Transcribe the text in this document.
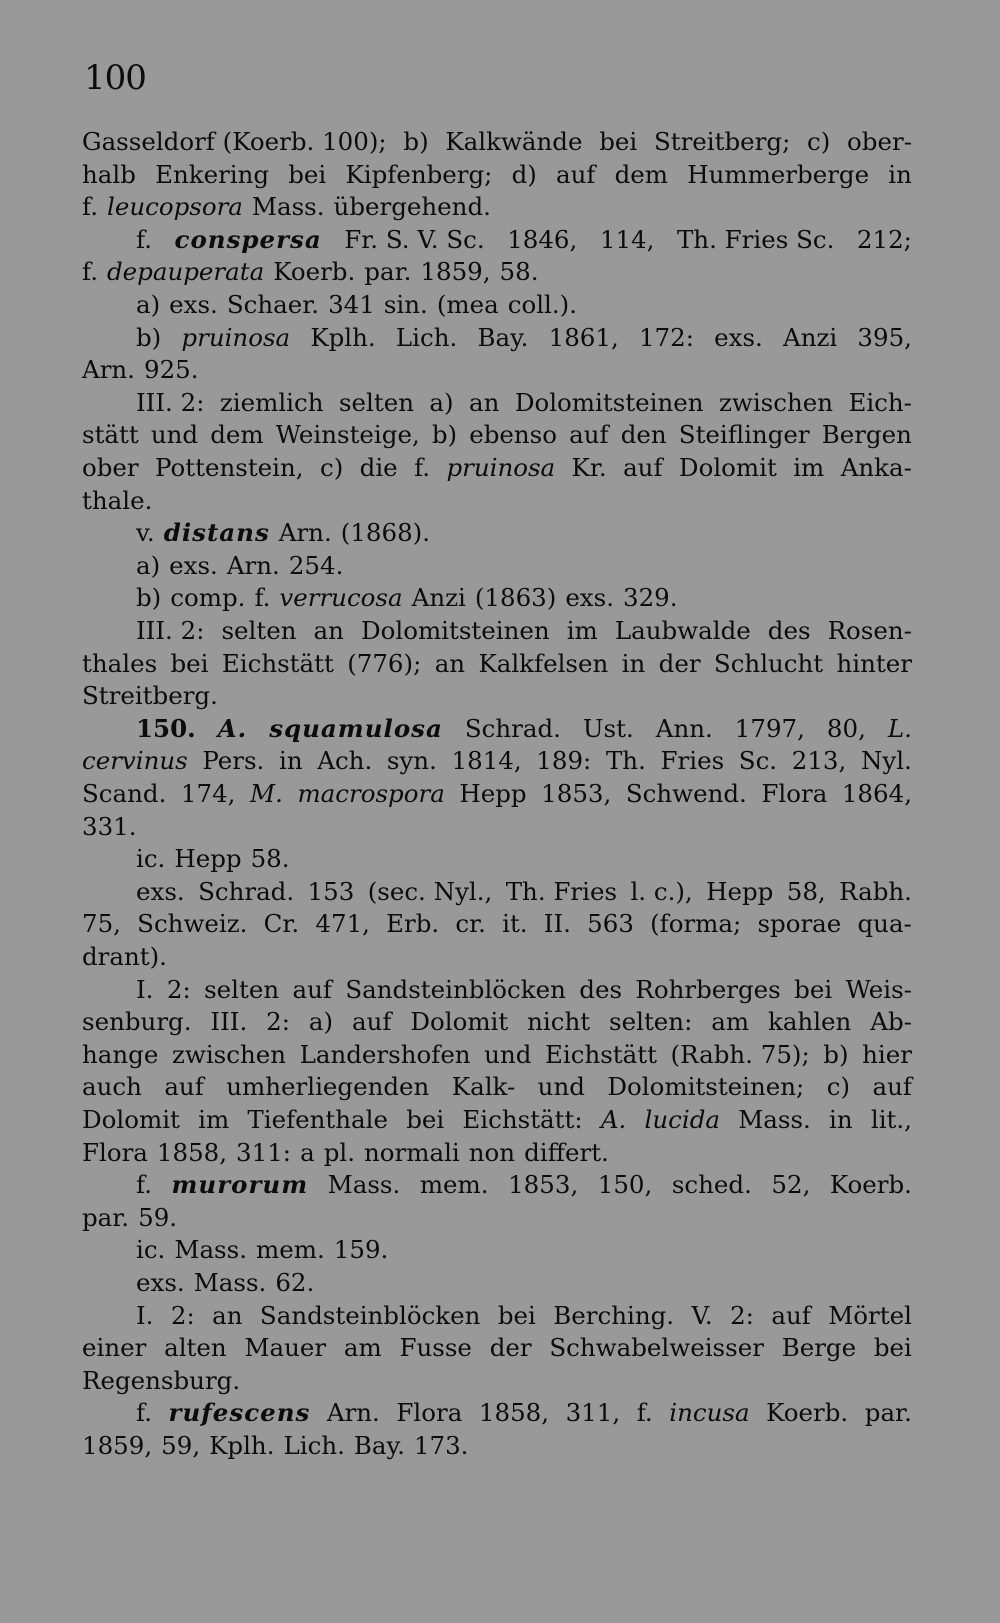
100
Gasseldorf (Koerb. 100); b) Kalkwände bei Streitberg; c) ober-
halb Enkering bei Kipfenberg; d) auf dem Hummerberge in
f. leucopsora Mass. übergehend.
f. conspersa Fr. S. V. Sc. 1846, 114, Th. Fries Sc. 212;
f. depauperata Koerb. par. 1859, 58.
a) exs. Schaer. 341 sin. (mea coll.).
b) pruinosa Kplh. Lich. Bay. 1861, 172: exs. Anzi 395,
Arn. 925.
III. 2: ziemlich selten a) an Dolomitsteinen zwischen Eich-
stätt und dem Weinsteige, b) ebenso auf den Steiflinger Bergen
ober Pottenstein, c) die f. pruinosa Kr. auf Dolomit im Anka-
thale.
v. distans Arn. (1868).
a) exs. Arn. 254.
b) comp. f. verrucosa Anzi (1863) exs. 329.
III. 2: selten an Dolomitsteinen im Laubwalde des Rosen-
thales bei Eichstätt (776); an Kalkfelsen in der Schlucht hinter
Streitberg.
150. A. squamulosa Schrad. Ust. Ann. 1797, 80, L.
cervinus Pers. in Ach. syn. 1814, 189: Th. Fries Sc. 213, Nyl.
Scand. 174, M. macrospora Hepp 1853, Schwend. Flora 1864,
331.
ic. Hepp 58.
exs. Schrad. 153 (sec. Nyl., Th. Fries l. c.), Hepp 58, Rabh.
75, Schweiz. Cr. 471, Erb. cr. it. II. 563 (forma; sporae qua-
drant).
I. 2: selten auf Sandsteinblöcken des Rohrberges bei Weis-
senburg. III. 2: a) auf Dolomit nicht selten: am kahlen Ab-
hange zwischen Landershofen und Eichstätt (Rabh. 75); b) hier
auch auf umherliegenden Kalk- und Dolomitsteinen; c) auf
Dolomit im Tiefenthale bei Eichstätt: A. lucida Mass. in lit.,
Flora 1858, 311: a pl. normali non differt.
f. murorum Mass. mem. 1853, 150, sched. 52, Koerb.
par. 59.
ic. Mass. mem. 159.
exs. Mass. 62.
I. 2: an Sandsteinblöcken bei Berching. V. 2: auf Mörtel
einer alten Mauer am Fusse der Schwabelweisser Berge bei
Regensburg.
f. rufescens Arn. Flora 1858, 311, f. incusa Koerb. par.
1859, 59, Kplh. Lich. Bay. 173.
